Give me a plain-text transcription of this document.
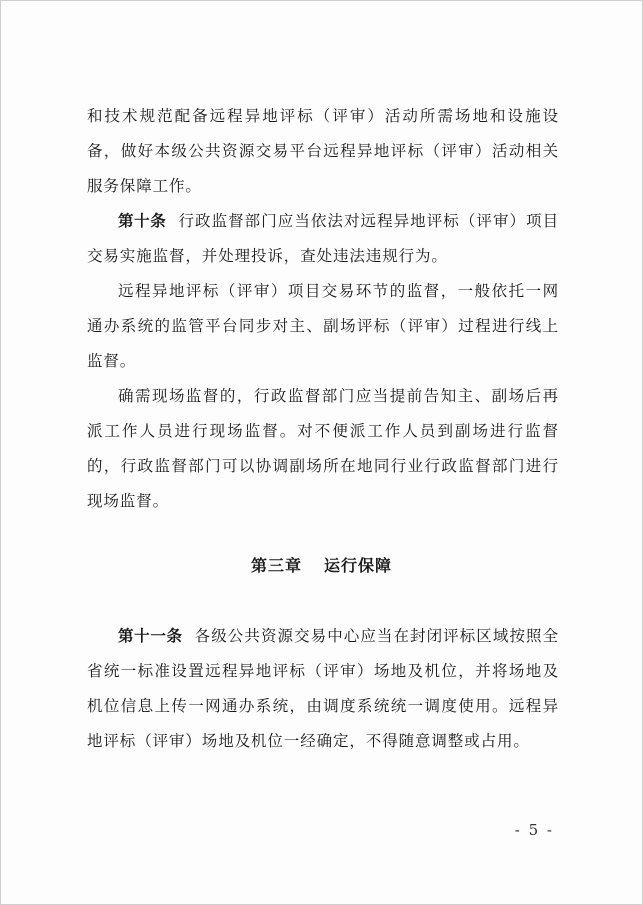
和技术规范配备远程异地评标（评审）活动所需场地和设施设备，做好本级公共资源交易平台远程异地评标（评审）活动相关服务保障工作。

第十条 行政监督部门应当依法对远程异地评标（评审）项目交易实施监督，并处理投诉，查处违法违规行为。

远程异地评标（评审）项目交易环节的监督，一般依托一网通办系统的监管平台同步对主、副场评标（评审）过程进行线上监督。

确需现场监督的，行政监督部门应当提前告知主、副场后再派工作人员进行现场监督。对不便派工作人员到副场进行监督的，行政监督部门可以协调副场所在地同行业行政监督部门进行现场监督。

第三章 运行保障

第十一条 各级公共资源交易中心应当在封闭评标区域按照全省统一标准设置远程异地评标（评审）场地及机位，并将场地及机位信息上传一网通办系统，由调度系统统一调度使用。远程异地评标（评审）场地及机位一经确定，不得随意调整或占用。

- 5 -
